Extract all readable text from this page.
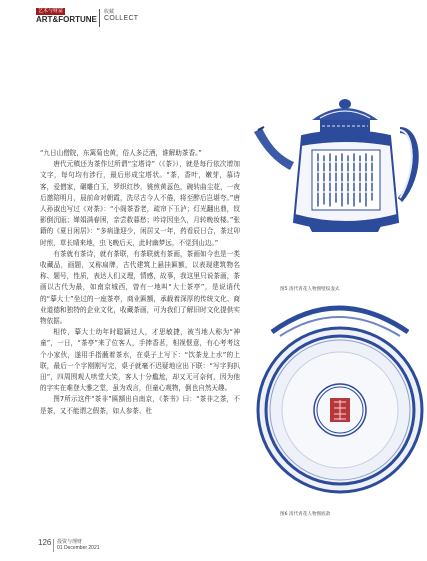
艺术与财富
ART&FORTUNE
收藏
COLLECT

“九日山僧院，东篱菊也黄，俗人多泛酒，谁解助茶香。”

唐代元稹还为茶作过所谓“宝塔诗”（《茶》），就是每行依次增加文字，每句均有涉行，最后形成宝塔状。“茶，香叶，嫩芽，慕诗客，爱僧家，碾雕白玉，罗织红纱，铫煎黄蕊色，碗转曲尘花，一夜后邀陪明月，晨前命对朝霞，洗尽古今人不倦，将至醉后岂堪夸。”唐人孙淑也写过《对茶》：“小阁茶香老，疏帘下玉泸；灯光翻出鼎，钗影倒沉瓯；婵娟满春困，亲尝救暮愁；吟诗因坐久，月转晚妆楼。”张籍的《夏日闲居》：“多病逢迎少，闲居又一年，药看辰日合，茶过卯时煎，草长晴来地，虫飞晚后天，此时幽梦远，不觉到山边。”

有茶就有茶诗，就有茶联，有茶联就有茶画，茶画如今也是一类收藏品，画题，又称扁牌，古代建筑上悬挂匾额，以表现建筑物名称、题号，性质，表达人们义理，情感，故事，我这里只说茶画，茶画以古代为最，如南京城西，曾有一地叫“大士茶亭”，是说诮代的“摹大士”坐过的一座茶亭，商业匾额，承载着深厚的传统文化、商业道德和独特的企业文化，收藏茶画，可为我们了解旧时文化提供实物依据。

相传，摹大士幼年时聪颖过人，才思敏捷，被当地人称为“神童”，一日，“茶亭”来了位客人，手捧香茗，相视惬意，有心考考这个小家伙，遂用手指蘸着茶水，在桌子上写下：“饮茶龙上水”的上联，最后一个字刚刚写完，桌子就毫不迟疑地应出下联：“写字狗扒田”，四周围观人哄堂大笑，客人十分尴尬，却又无可奈何，因为他的字实在难登大雅之堂，虽为戏言，但童心观物，倒也自然天趣。

图7所示这件“茶非”匾额出自南京，《茶书》曰：“茶非之茶，不是茶，又不能谓之假茶，如人参茶、杜

图5 清代青花人物图壁纹壶式
图6 清代青花人物图底款
126 投资与理财
01 December 2021
